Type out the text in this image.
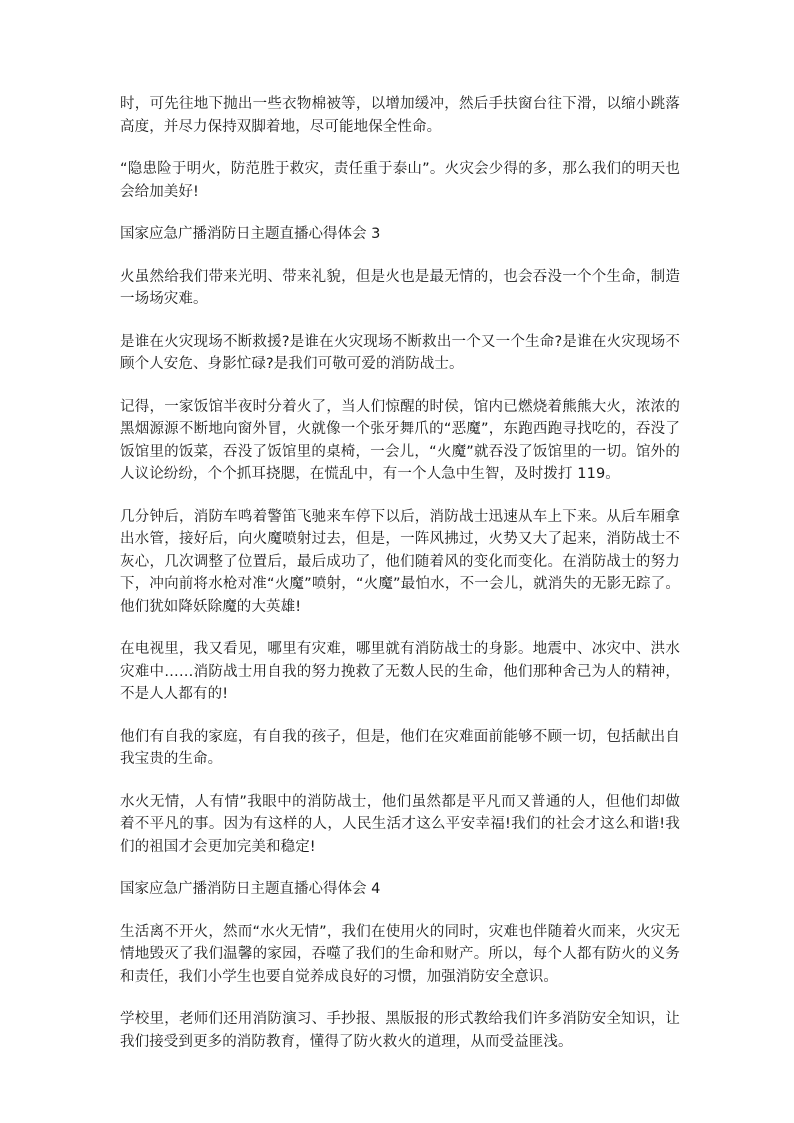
时，可先往地下抛出一些衣物棉被等，以增加缓冲，然后手扶窗台往下滑，以缩小跳落高度，并尽力保持双脚着地，尽可能地保全性命。

“隐患险于明火，防范胜于救灾，责任重于泰山”。火灾会少得的多，那么我们的明天也会给加美好!

国家应急广播消防日主题直播心得体会 3

火虽然给我们带来光明、带来礼貌，但是火也是最无情的，也会吞没一个个生命，制造一场场灾难。

是谁在火灾现场不断救援?是谁在火灾现场不断救出一个又一个生命?是谁在火灾现场不顾个人安危、身影忙碌?是我们可敬可爱的消防战士。

记得，一家饭馆半夜时分着火了，当人们惊醒的时侯，馆内已燃烧着熊熊大火，浓浓的黑烟源源不断地向窗外冒，火就像一个张牙舞爪的“恶魔”，东跑西跑寻找吃的，吞没了饭馆里的饭菜，吞没了饭馆里的桌椅，一会儿，“火魔”就吞没了饭馆里的一切。馆外的人议论纷纷，个个抓耳挠腮，在慌乱中，有一个人急中生智，及时拨打 119。

几分钟后，消防车鸣着警笛飞驰来车停下以后，消防战士迅速从车上下来。从后车厢拿出水管，接好后，向火魔喷射过去，但是，一阵风拂过，火势又大了起来，消防战士不灰心，几次调整了位置后，最后成功了，他们随着风的变化而变化。在消防战士的努力下，冲向前将水枪对准“火魔”喷射，“火魔”最怕水，不一会儿，就消失的无影无踪了。他们犹如降妖除魔的大英雄!

在电视里，我又看见，哪里有灾难，哪里就有消防战士的身影。地震中、冰灾中、洪水灾难中……消防战士用自我的努力挽救了无数人民的生命，他们那种舍己为人的精神，不是人人都有的!

他们有自我的家庭，有自我的孩子，但是，他们在灾难面前能够不顾一切，包括献出自我宝贵的生命。

水火无情，人有情”我眼中的消防战士，他们虽然都是平凡而又普通的人，但他们却做着不平凡的事。因为有这样的人，人民生活才这么平安幸福!我们的社会才这么和谐!我们的祖国才会更加完美和稳定!

国家应急广播消防日主题直播心得体会 4

生活离不开火，然而“水火无情”，我们在使用火的同时，灾难也伴随着火而来，火灾无情地毁灭了我们温馨的家园，吞噬了我们的生命和财产。所以，每个人都有防火的义务和责任，我们小学生也要自觉养成良好的习惯，加强消防安全意识。

学校里，老师们还用消防演习、手抄报、黑版报的形式教给我们许多消防安全知识，让我们接受到更多的消防教育，懂得了防火救火的道理，从而受益匪浅。
